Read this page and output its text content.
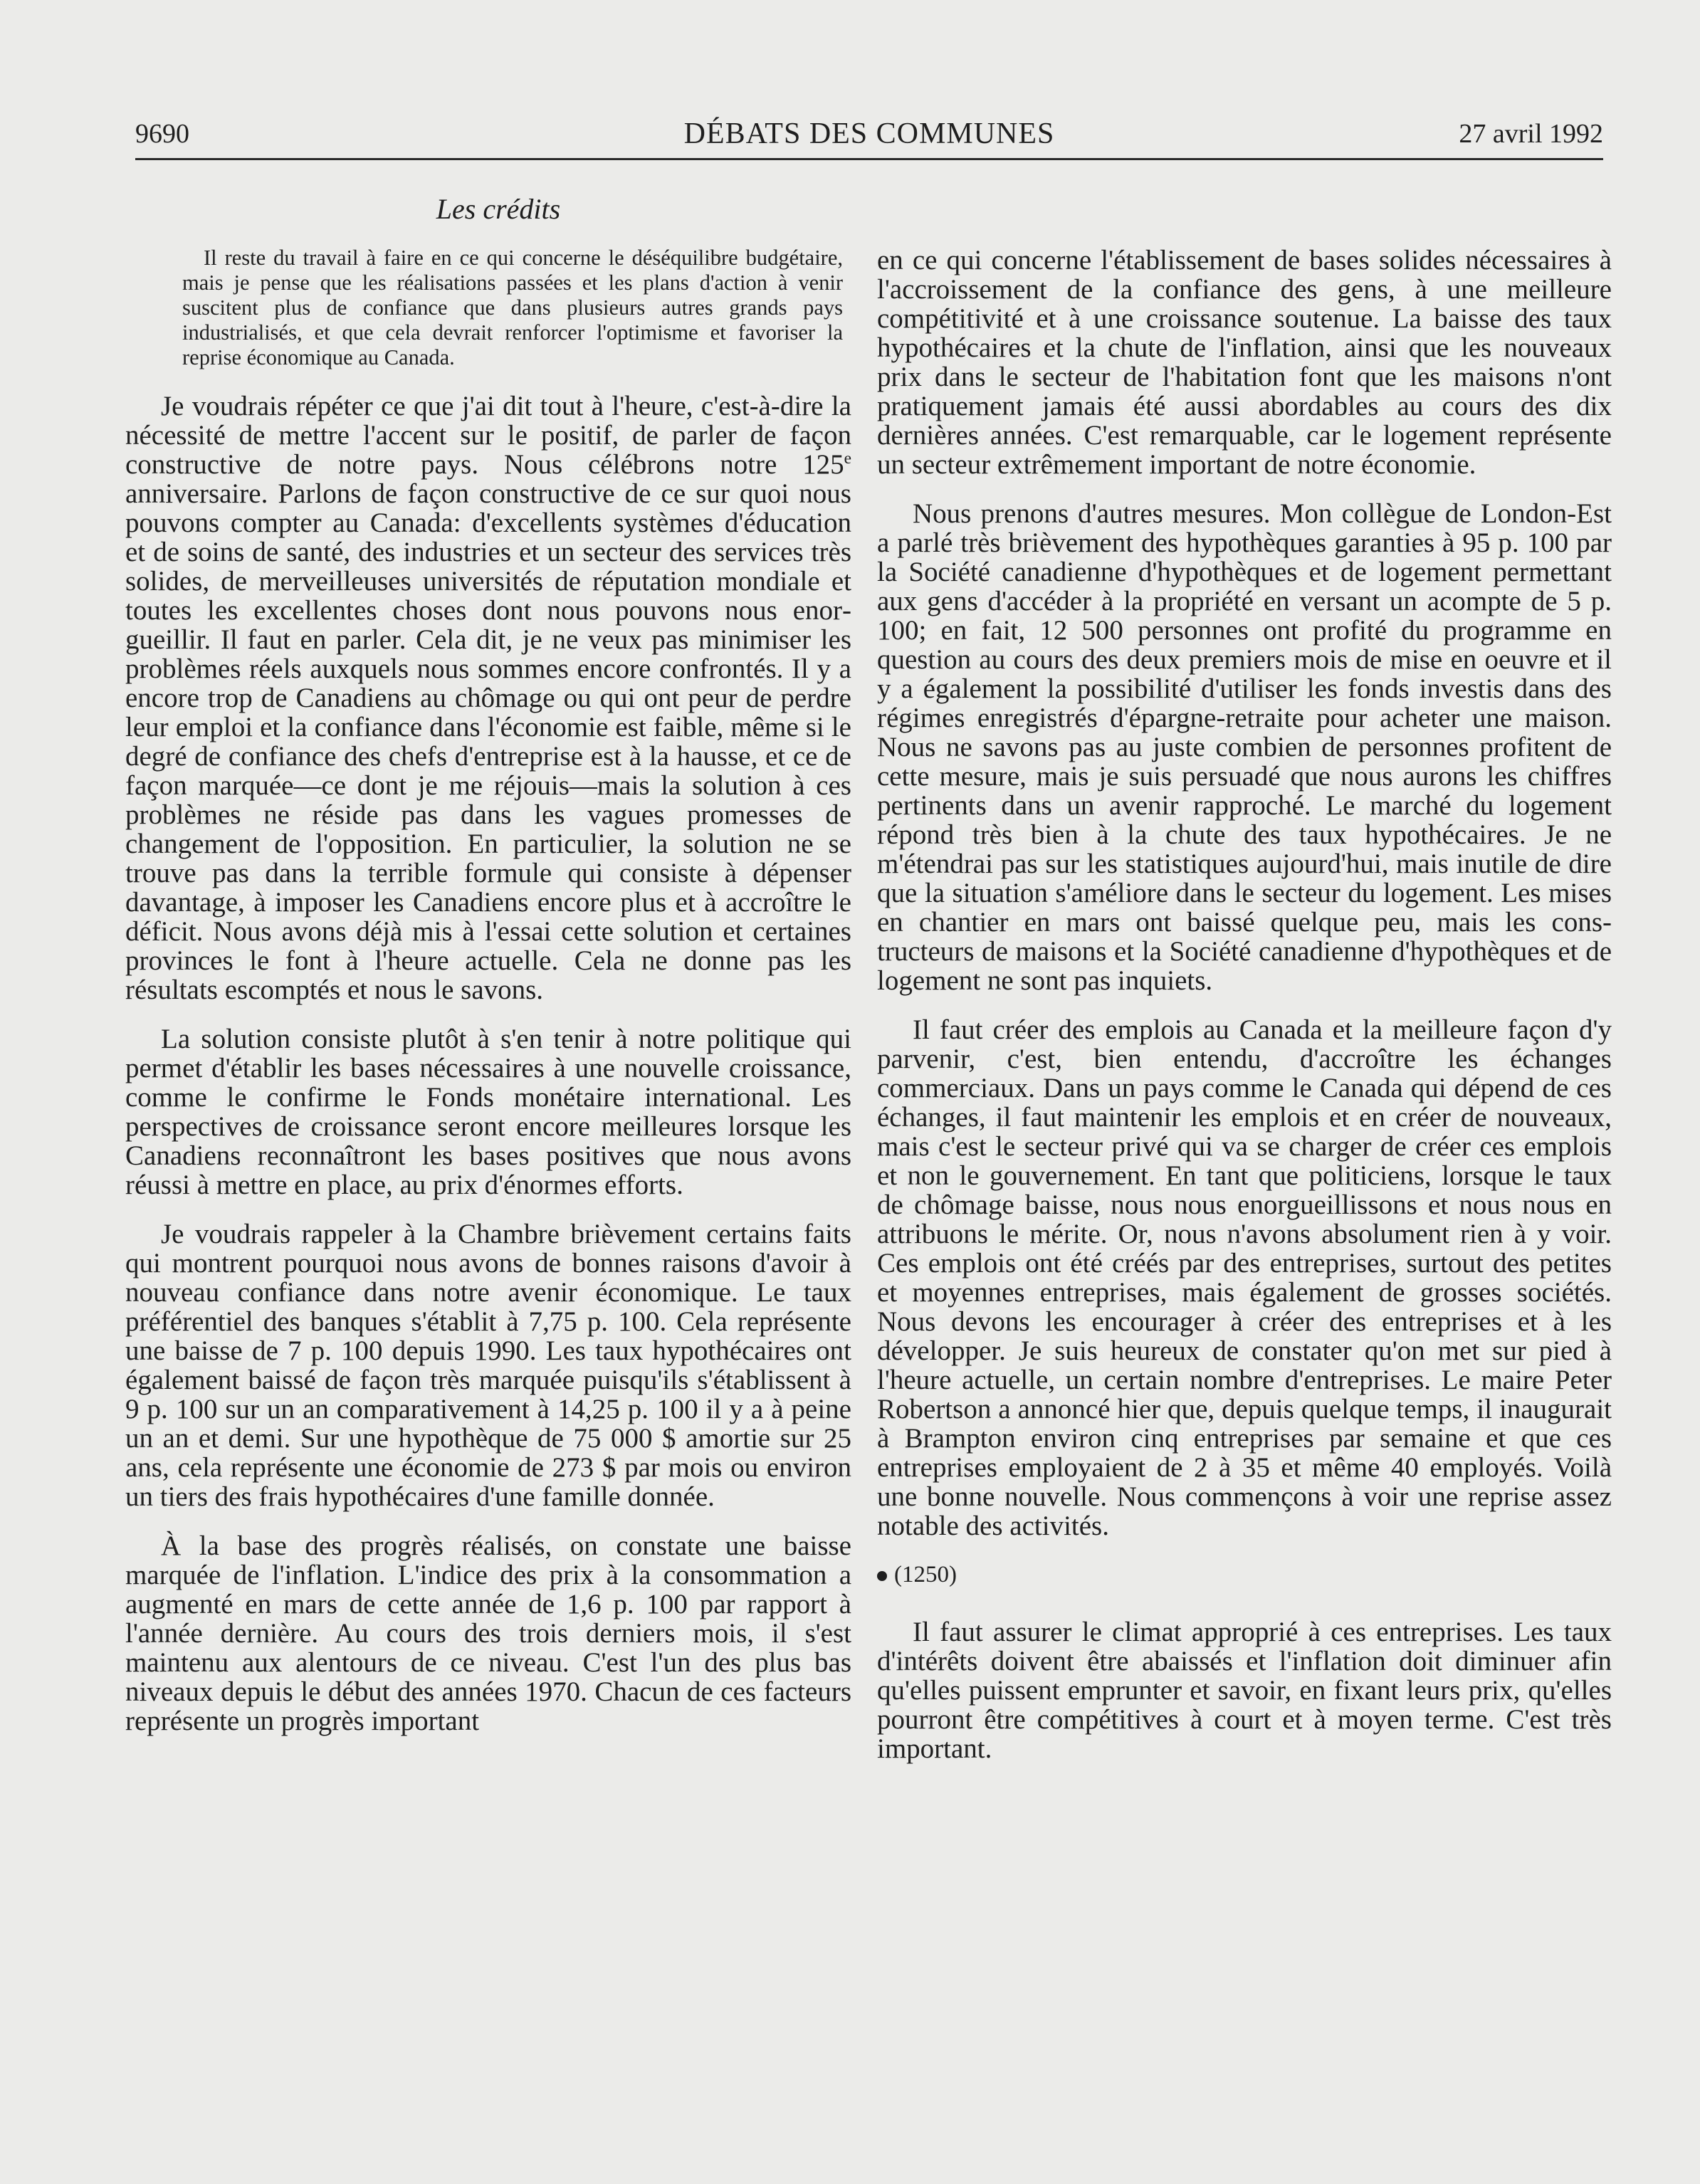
9690	DÉBATS DES COMMUNES	27 avril 1992
Les crédits

Il reste du travail à faire en ce qui concerne le déséquilibre budgétaire, mais je pense que les réalisations passées et les plans d'action à venir suscitent plus de confiance que dans plusieurs autres grands pays industrialisés, et que cela devrait renforcer l'optimisme et favoriser la reprise économique au Canada.

Je voudrais répéter ce que j'ai dit tout à l'heure, c'est-à-dire la nécessité de mettre l'accent sur le positif, de parler de façon constructive de notre pays. Nous célébrons notre 125e anniversaire. Parlons de façon constructive de ce sur quoi nous pouvons compter au Canada: d'excellents systèmes d'éducation et de soins de santé, des industries et un secteur des services très solides, de merveilleuses universités de réputation mondiale et toutes les excellentes choses dont nous pouvons nous enorgueillir. Il faut en parler. Cela dit, je ne veux pas minimiser les problèmes réels auxquels nous sommes encore confrontés. Il y a encore trop de Canadiens au chômage ou qui ont peur de perdre leur emploi et la confiance dans l'économie est faible, même si le degré de confiance des chefs d'entreprise est à la hausse, et ce de façon marquée—ce dont je me réjouis—mais la solution à ces problèmes ne réside pas dans les vagues promesses de changement de l'opposition. En particulier, la solution ne se trouve pas dans la terrible formule qui consiste à dépenser davantage, à imposer les Canadiens encore plus et à accroître le déficit. Nous avons déjà mis à l'essai cette solution et certaines provinces le font à l'heure actuelle. Cela ne donne pas les résultats escomptés et nous le savons.

La solution consiste plutôt à s'en tenir à notre politique qui permet d'établir les bases nécessaires à une nouvelle croissance, comme le confirme le Fonds monétaire international. Les perspectives de croissance seront encore meilleures lorsque les Canadiens reconnaîtront les bases positives que nous avons réussi à mettre en place, au prix d'énormes efforts.

Je voudrais rappeler à la Chambre brièvement certains faits qui montrent pourquoi nous avons de bonnes raisons d'avoir à nouveau confiance dans notre avenir économique. Le taux préférentiel des banques s'établit à 7,75 p. 100. Cela représente une baisse de 7 p. 100 depuis 1990. Les taux hypothécaires ont également baissé de façon très marquée puisqu'ils s'établissent à 9 p. 100 sur un an comparativement à 14,25 p. 100 il y a à peine un an et demi. Sur une hypothèque de 75 000 $ amortie sur 25 ans, cela représente une économie de 273 $ par mois ou environ un tiers des frais hypothécaires d'une famille donnée.

À la base des progrès réalisés, on constate une baisse marquée de l'inflation. L'indice des prix à la consommation a augmenté en mars de cette année de 1,6 p. 100 par rapport à l'année dernière. Au cours des trois derniers mois, il s'est maintenu aux alentours de ce niveau. C'est l'un des plus bas niveaux depuis le début des années 1970. Chacun de ces facteurs représente un progrès important

en ce qui concerne l'établissement de bases solides nécessaires à l'accroissement de la confiance des gens, à une meilleure compétitivité et à une croissance soutenue. La baisse des taux hypothécaires et la chute de l'inflation, ainsi que les nouveaux prix dans le secteur de l'habitation font que les maisons n'ont pratiquement jamais été aussi abordables au cours des dix dernières années. C'est remarquable, car le logement représente un secteur extrêmement important de notre économie.

Nous prenons d'autres mesures. Mon collègue de London-Est a parlé très brièvement des hypothèques garanties à 95 p. 100 par la Société canadienne d'hypothèques et de logement permettant aux gens d'accéder à la propriété en versant un acompte de 5 p. 100; en fait, 12 500 personnes ont profité du programme en question au cours des deux premiers mois de mise en oeuvre et il y a également la possibilité d'utiliser les fonds investis dans des régimes enregistrés d'épargne-retraite pour acheter une maison. Nous ne savons pas au juste combien de personnes profitent de cette mesure, mais je suis persuadé que nous aurons les chiffres pertinents dans un avenir rapproché. Le marché du logement répond très bien à la chute des taux hypothécaires. Je ne m'étendrai pas sur les statistiques aujourd'hui, mais inutile de dire que la situation s'améliore dans le secteur du logement. Les mises en chantier en mars ont baissé quelque peu, mais les constructeurs de maisons et la Société canadienne d'hypothèques et de logement ne sont pas inquiets.

Il faut créer des emplois au Canada et la meilleure façon d'y parvenir, c'est, bien entendu, d'accroître les échanges commerciaux. Dans un pays comme le Canada qui dépend de ces échanges, il faut maintenir les emplois et en créer de nouveaux, mais c'est le secteur privé qui va se charger de créer ces emplois et non le gouvernement. En tant que politiciens, lorsque le taux de chômage baisse, nous nous enorgueillissons et nous nous en attribuons le mérite. Or, nous n'avons absolument rien à y voir. Ces emplois ont été créés par des entreprises, surtout des petites et moyennes entreprises, mais également de grosses sociétés. Nous devons les encourager à créer des entreprises et à les développer. Je suis heureux de constater qu'on met sur pied à l'heure actuelle, un certain nombre d'entreprises. Le maire Peter Robertson a annoncé hier que, depuis quelque temps, il inaugurait à Brampton environ cinq entreprises par semaine et que ces entreprises employaient de 2 à 35 et même 40 employés. Voilà une bonne nouvelle. Nous commençons à voir une reprise assez notable des activités.

(1250)

Il faut assurer le climat approprié à ces entreprises. Les taux d'intérêts doivent être abaissés et l'inflation doit diminuer afin qu'elles puissent emprunter et savoir, en fixant leurs prix, qu'elles pourront être compétitives à court et à moyen terme. C'est très important.
